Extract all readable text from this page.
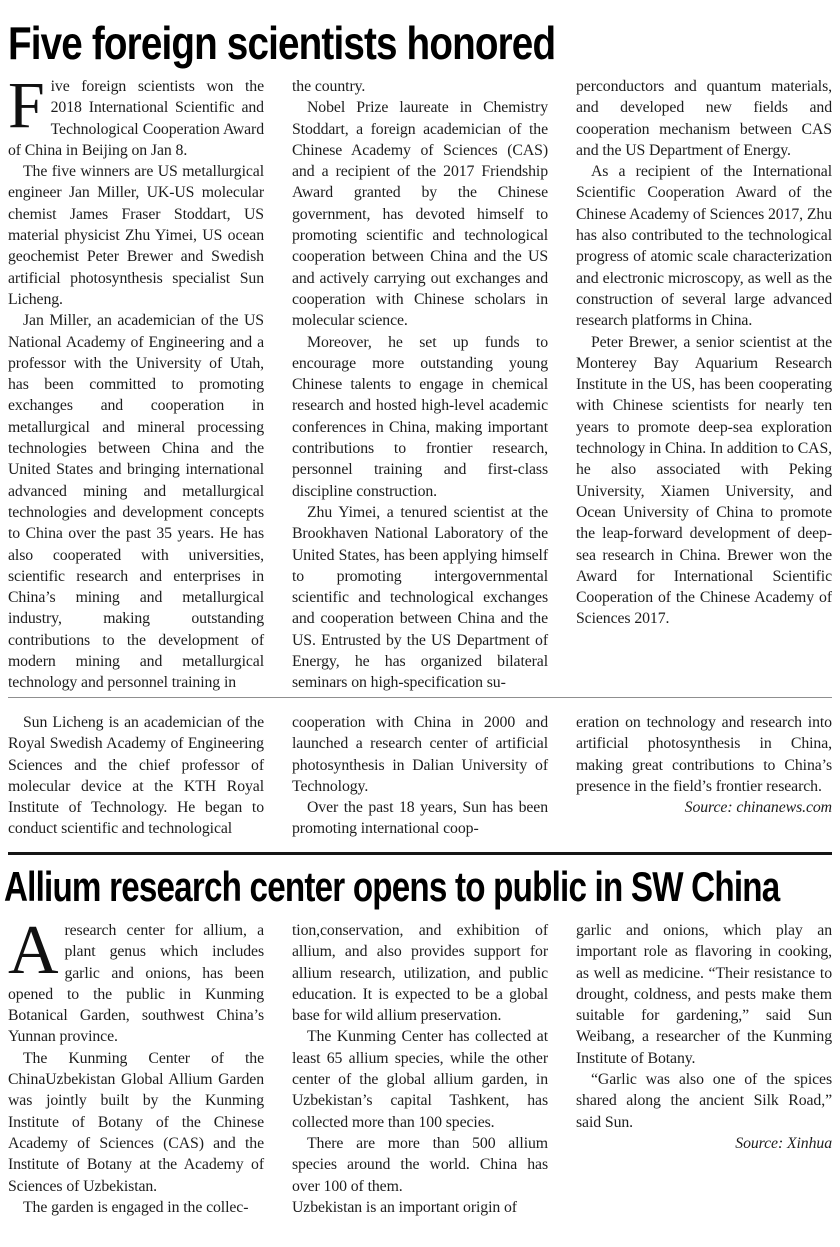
Five foreign scientists honored

Five foreign scientists won the 2018 International Scientific and Technological Cooperation Award of China in Beijing on Jan 8.

The five winners are US metallurgical engineer Jan Miller, UK-US molecular chemist James Fraser Stoddart, US material physicist Zhu Yimei, US ocean geochemist Peter Brewer and Swedish artificial photosynthesis specialist Sun Licheng.

Jan Miller, an academician of the US National Academy of Engineering and a professor with the University of Utah, has been committed to promoting exchanges and cooperation in metallurgical and mineral processing technologies between China and the United States and bringing international advanced mining and metallurgical technologies and development concepts to China over the past 35 years. He has also cooperated with universities, scientific research and enterprises in China’s mining and metallurgical industry, making outstanding contributions to the development of modern mining and metallurgical technology and personnel training in

the country.

Nobel Prize laureate in Chemistry Stoddart, a foreign academician of the Chinese Academy of Sciences (CAS) and a recipient of the 2017 Friendship Award granted by the Chinese government, has devoted himself to promoting scientific and technological cooperation between China and the US and actively carrying out exchanges and cooperation with Chinese scholars in molecular science.

Moreover, he set up funds to encourage more outstanding young Chinese talents to engage in chemical research and hosted high-level academic conferences in China, making important contributions to frontier research, personnel training and first-class discipline construction.

Zhu Yimei, a tenured scientist at the Brookhaven National Laboratory of the United States, has been applying himself to promoting intergovernmental scientific and technological exchanges and cooperation between China and the US. Entrusted by the US Department of Energy, he has organized bilateral seminars on high-specification su-

perconductors and quantum materials, and developed new fields and cooperation mechanism between CAS and the US Department of Energy.

As a recipient of the International Scientific Cooperation Award of the Chinese Academy of Sciences 2017, Zhu has also contributed to the technological progress of atomic scale characterization and electronic microscopy, as well as the construction of several large advanced research platforms in China.

Peter Brewer, a senior scientist at the Monterey Bay Aquarium Research Institute in the US, has been cooperating with Chinese scientists for nearly ten years to promote deep-sea exploration technology in China. In addition to CAS, he also associated with Peking University, Xiamen University, and Ocean University of China to promote the leap-forward development of deep-sea research in China. Brewer won the Award for International Scientific Cooperation of the Chinese Academy of Sciences 2017.

Sun Licheng is an academician of the Royal Swedish Academy of Engineering Sciences and the chief professor of molecular device at the KTH Royal Institute of Technology. He began to conduct scientific and technological

cooperation with China in 2000 and launched a research center of artificial photosynthesis in Dalian University of Technology.

Over the past 18 years, Sun has been promoting international coop-

eration on technology and research into artificial photosynthesis in China, making great contributions to China’s presence in the field’s frontier research.

Source: chinanews.com

Allium research center opens to public in SW China

Aresearch center for allium, a plant genus which includes garlic and onions, has been opened to the public in Kunming Botanical Garden, southwest China’s Yunnan province.

The Kunming Center of the ChinaUzbekistan Global Allium Garden was jointly built by the Kunming Institute of Botany of the Chinese Academy of Sciences (CAS) and the Institute of Botany at the Academy of Sciences of Uzbekistan.

The garden is engaged in the collec-

tion,conservation, and exhibition of allium, and also provides support for allium research, utilization, and public education. It is expected to be a global base for wild allium preservation.

The Kunming Center has collected at least 65 allium species, while the other center of the global allium garden, in Uzbekistan’s capital Tashkent, has collected more than 100 species.

There are more than 500 allium species around the world. China has over 100 of them.

Uzbekistan is an important origin of

garlic and onions, which play an important role as flavoring in cooking, as well as medicine. “Their resistance to drought, coldness, and pests make them suitable for gardening,” said Sun Weibang, a researcher of the Kunming Institute of Botany.

“Garlic was also one of the spices shared along the ancient Silk Road,” said Sun.

Source: Xinhua
